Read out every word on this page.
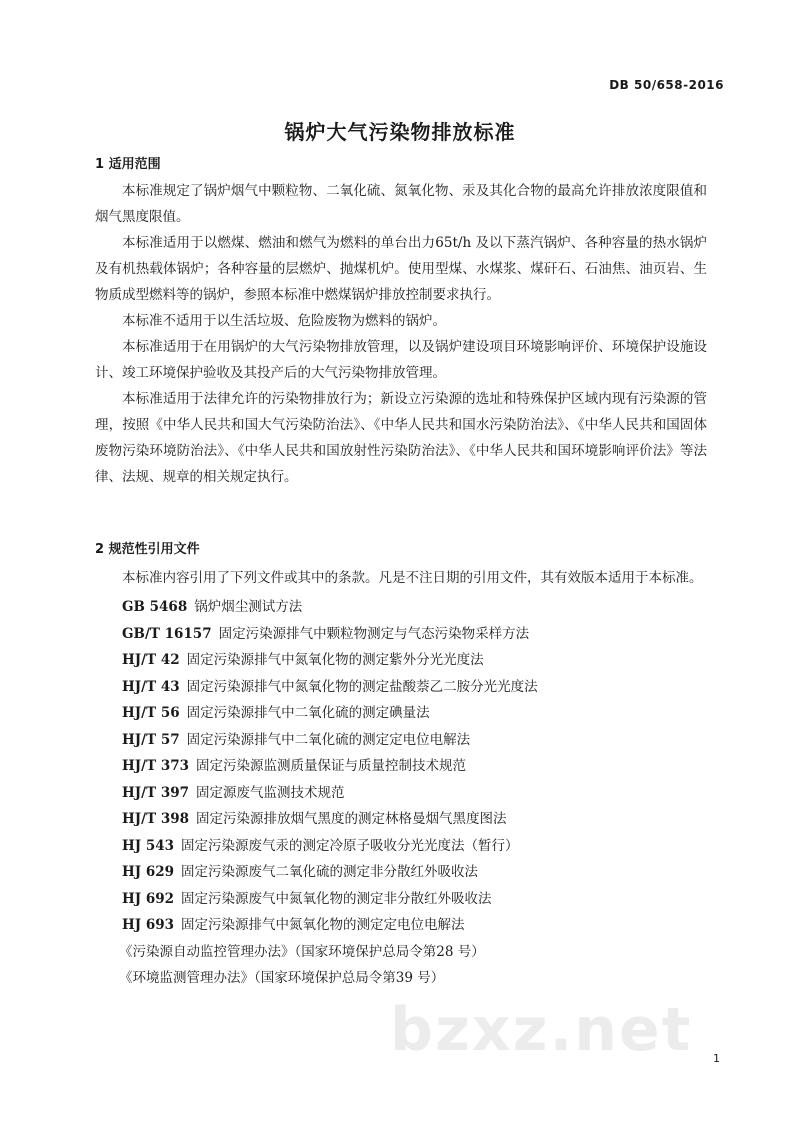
DB 50/658-2016
锅炉大气污染物排放标准
1 适用范围

本标准规定了锅炉烟气中颗粒物、二氧化硫、氮氧化物、汞及其化合物的最高允许排放浓度限值和烟气黑度限值。

本标准适用于以燃煤、燃油和燃气为燃料的单台出力65t/h 及以下蒸汽锅炉、各种容量的热水锅炉及有机热载体锅炉；各种容量的层燃炉、抛煤机炉。使用型煤、水煤浆、煤矸石、石油焦、油页岩、生物质成型燃料等的锅炉，参照本标准中燃煤锅炉排放控制要求执行。

本标准不适用于以生活垃圾、危险废物为燃料的锅炉。

本标准适用于在用锅炉的大气污染物排放管理，以及锅炉建设项目环境影响评价、环境保护设施设计、竣工环境保护验收及其投产后的大气污染物排放管理。

本标准适用于法律允许的污染物排放行为；新设立污染源的选址和特殊保护区域内现有污染源的管理，按照《中华人民共和国大气污染防治法》、《中华人民共和国水污染防治法》、《中华人民共和国固体废物污染环境防治法》、《中华人民共和国放射性污染防治法》、《中华人民共和国环境影响评价法》等法律、法规、规章的相关规定执行。

2 规范性引用文件

本标准内容引用了下列文件或其中的条款。凡是不注日期的引用文件，其有效版本适用于本标准。

GB 5468 锅炉烟尘测试方法
GB/T 16157 固定污染源排气中颗粒物测定与气态污染物采样方法
HJ/T 42 固定污染源排气中氮氧化物的测定紫外分光光度法
HJ/T 43 固定污染源排气中氮氧化物的测定盐酸萘乙二胺分光光度法
HJ/T 56 固定污染源排气中二氧化硫的测定碘量法
HJ/T 57 固定污染源排气中二氧化硫的测定定电位电解法
HJ/T 373 固定污染源监测质量保证与质量控制技术规范
HJ/T 397 固定源废气监测技术规范
HJ/T 398 固定污染源排放烟气黑度的测定林格曼烟气黑度图法
HJ 543 固定污染源废气汞的测定冷原子吸收分光光度法（暂行）
HJ 629 固定污染源废气二氧化硫的测定非分散红外吸收法
HJ 692 固定污染源废气中氮氧化物的测定非分散红外吸收法
HJ 693 固定污染源排气中氮氧化物的测定定电位电解法
《污染源自动监控管理办法》（国家环境保护总局令第28 号）
《环境监测管理办法》（国家环境保护总局令第39 号）
bzxz.net 1
